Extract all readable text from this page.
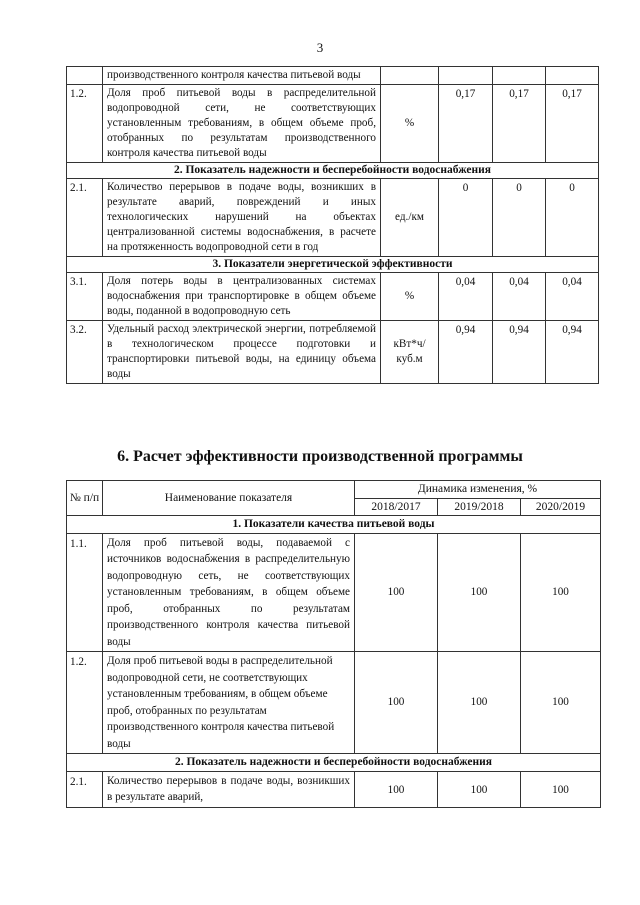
3
	производственного контроля качества питьевой воды				
1.2.	Доля проб питьевой воды в распределительной водопроводной сети, не соответствующих установленным требованиям, в общем объеме проб, отобранных по результатам производственного контроля качества питьевой воды	%	0,17	0,17	0,17
2. Показатель надежности и бесперебойности водоснабжения					
2.1.	Количество перерывов в подаче воды, возникших в результате аварий, повреждений и иных технологических нарушений на объектах централизованной системы водоснабжения, в расчете на протяженность водопроводной сети в год	ед./км	0	0	0
3. Показатели энергетической эффективности					
3.1.	Доля потерь воды в централизованных системах водоснабжения при транспортировке в общем объеме воды, поданной в водопроводную сеть	%	0,04	0,04	0,04
3.2.	Удельный расход электрической энергии, потребляемой в технологическом процессе подготовки и транспортировки питьевой воды, на единицу объема воды	кВт*ч/ куб.м	0,94	0,94	0,94
6. Расчет эффективности производственной программы
№ п/п	Наименование показателя	Динамика изменения, %		
		2018/2017	2019/2018	2020/2019
1. Показатели качества питьевой воды				
1.1.	Доля проб питьевой воды, подаваемой с источников водоснабжения в распределительную водопроводную сеть, не соответствующих установленным требованиям, в общем объеме проб, отобранных по результатам производственного контроля качества питьевой воды	100	100	100
1.2.	Доля проб питьевой воды в распределительной водопроводной сети, не соответствующих установленным требованиям, в общем объеме проб, отобранных по результатам производственного контроля качества питьевой воды	100	100	100
2. Показатель надежности и бесперебойности водоснабжения				
2.1.	Количество перерывов в подаче воды, возникших в результате аварий,	100	100	100
